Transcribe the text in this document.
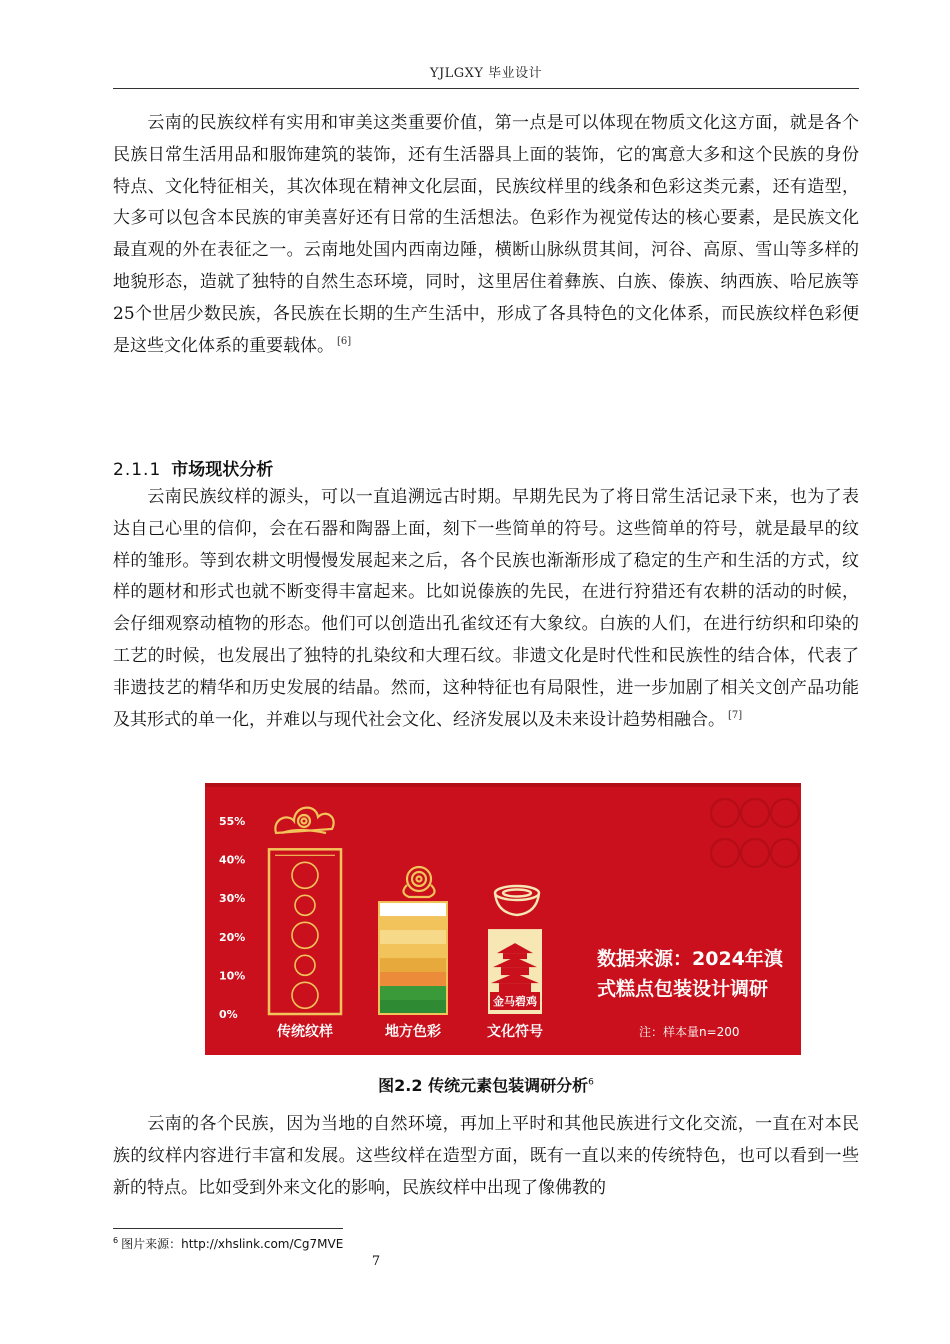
YJLGXY 毕业设计

云南的民族纹样有实用和审美这类重要价值，第一点是可以体现在物质文化这方面，就是各个民族日常生活用品和服饰建筑的装饰，还有生活器具上面的装饰，它的寓意大多和这个民族的身份特点、文化特征相关，其次体现在精神文化层面，民族纹样里的线条和色彩这类元素，还有造型，大多可以包含本民族的审美喜好还有日常的生活想法。色彩作为视觉传达的核心要素，是民族文化最直观的外在表征之一。云南地处国内西南边陲，横断山脉纵贯其间，河谷、高原、雪山等多样的地貌形态，造就了独特的自然生态环境，同时，这里居住着彝族、白族、傣族、纳西族、哈尼族等25个世居少数民族，各民族在长期的生产生活中，形成了各具特色的文化体系，而民族纹样色彩便是这些文化体系的重要载体。 [6]

2.1.1 市场现状分析

云南民族纹样的源头，可以一直追溯远古时期。早期先民为了将日常生活记录下来，也为了表达自己心里的信仰，会在石器和陶器上面，刻下一些简单的符号。这些简单的符号，就是最早的纹样的雏形。等到农耕文明慢慢发展起来之后，各个民族也渐渐形成了稳定的生产和生活的方式，纹样的题材和形式也就不断变得丰富起来。比如说傣族的先民，在进行狩猎还有农耕的活动的时候，会仔细观察动植物的形态。他们可以创造出孔雀纹还有大象纹。白族的人们，在进行纺织和印染的工艺的时候，也发展出了独特的扎染纹和大理石纹。非遗文化是时代性和民族性的结合体，代表了非遗技艺的精华和历史发展的结晶。然而，这种特征也有局限性，进一步加剧了相关文创产品功能及其形式的单一化，并难以与现代社会文化、经济发展以及未来设计趋势相融合。 [7]

55%
40%
30%
20%
10%
0%
金马碧鸡
传统纹样	地方色彩	文化符号
数据来源：2024年滇
式糕点包装设计调研
注：样本量n=200
图2.2 传统元素包装调研分析$^6$

云南的各个民族，因为当地的自然环境，再加上平时和其他民族进行文化交流，一直在对本民族的纹样内容进行丰富和发展。这些纹样在造型方面，既有一直以来的传统特色，也可以看到一些新的特点。比如受到外来文化的影响，民族纹样中出现了像佛教的

$^6$ 图片来源：http://xhslink.com/Cg7MVE
7
